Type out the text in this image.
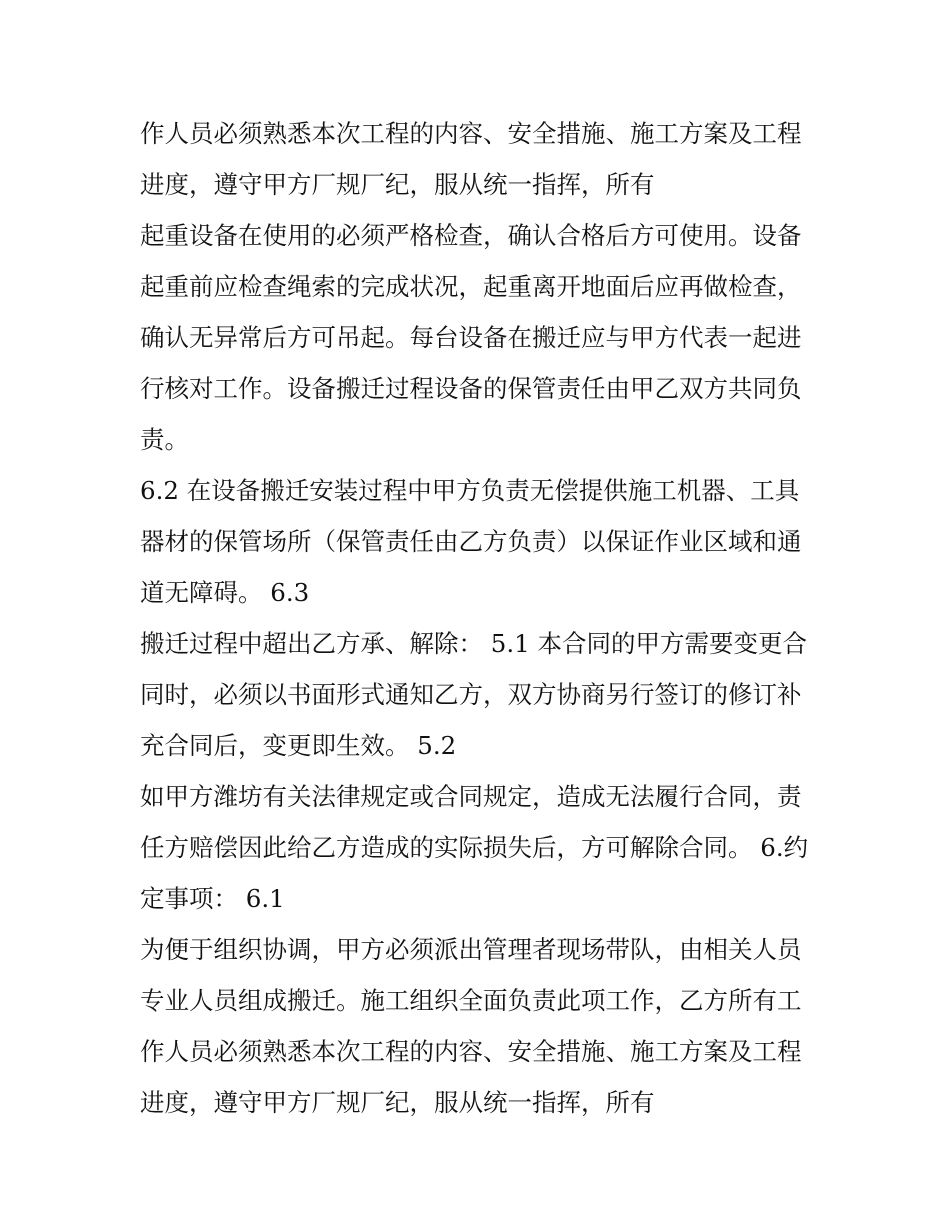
作人员必须熟悉本次工程的内容、安全措施、施工方案及工程

进度，遵守甲方厂规厂纪，服从统一指挥，所有

起重设备在使用的必须严格检查，确认合格后方可使用。设备

起重前应检查绳索的完成状况，起重离开地面后应再做检查，

确认无异常后方可吊起。每台设备在搬迁应与甲方代表一起进

行核对工作。设备搬迁过程设备的保管责任由甲乙双方共同负

责。

6.2 在设备搬迁安装过程中甲方负责无偿提供施工机器、工具

器材的保管场所（保管责任由乙方负责）以保证作业区域和通

道无障碍。 6.3

搬迁过程中超出乙方承、解除： 5.1 本合同的甲方需要变更合

同时，必须以书面形式通知乙方，双方协商另行签订的修订补

充合同后，变更即生效。 5.2

如甲方潍坊有关法律规定或合同规定，造成无法履行合同，责

任方赔偿因此给乙方造成的实际损失后，方可解除合同。 6.约

定事项： 6.1

为便于组织协调，甲方必须派出管理者现场带队，由相关人员

专业人员组成搬迁。施工组织全面负责此项工作，乙方所有工

作人员必须熟悉本次工程的内容、安全措施、施工方案及工程

进度，遵守甲方厂规厂纪，服从统一指挥，所有
